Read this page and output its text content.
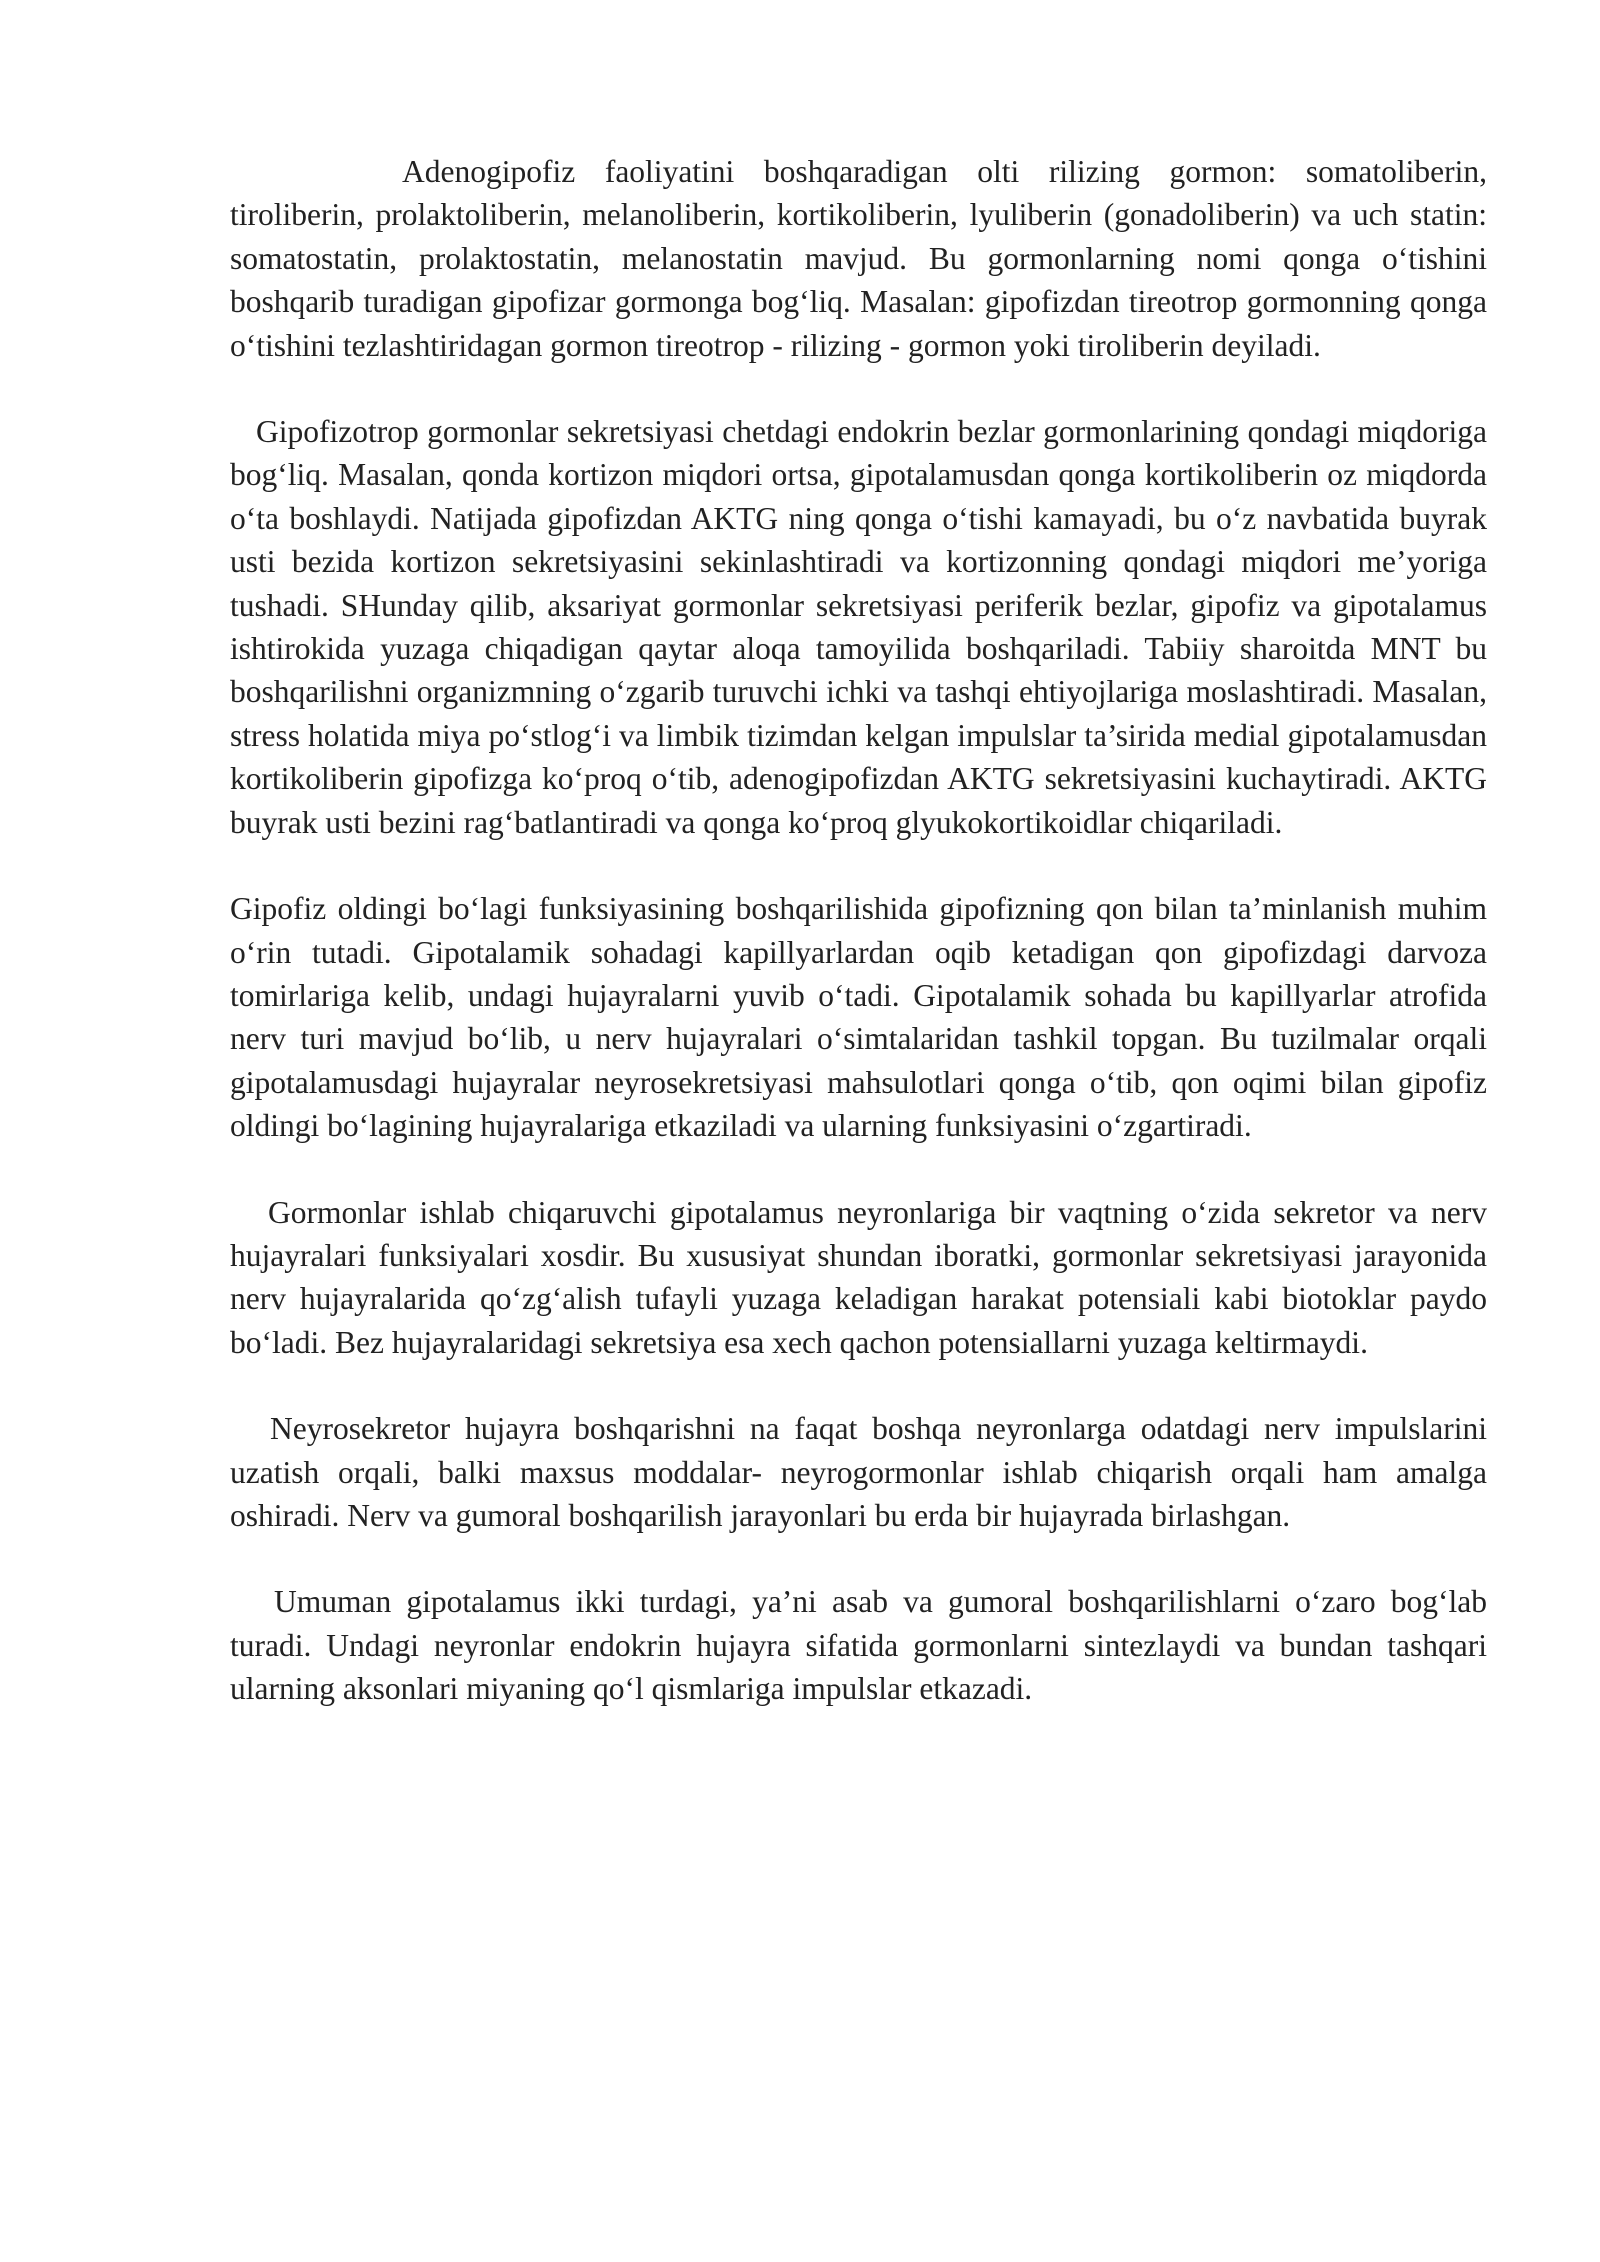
Adenogipofiz faoliyatini boshqaradigan olti rilizing gormon: somatoliberin, tiroliberin, prolaktoliberin, melanoliberin, kortikoliberin, lyuliberin (gonadoliberin) va uch statin: somatostatin, prolaktostatin, melanostatin mavjud. Bu gormonlarning nomi qonga o‘tishini boshqarib turadigan gipofizar gormonga bog‘liq. Masalan: gipofizdan tireotrop gormonning qonga o‘tishini tezlashtiridagan gormon tireotrop - rilizing - gormon yoki tiroliberin deyiladi.

Gipofizotrop gormonlar sekretsiyasi chetdagi endokrin bezlar gormonlarining qondagi miqdoriga bog‘liq. Masalan, qonda kortizon miqdori ortsa, gipotalamusdan qonga kortikoliberin oz miqdorda o‘ta boshlaydi. Natijada gipofizdan AKTG ning qonga o‘tishi kamayadi, bu o‘z navbatida buyrak usti bezida kortizon sekretsiyasini sekinlashtiradi va kortizonning qondagi miqdori me’yoriga tushadi. SHunday qilib, aksariyat gormonlar sekretsiyasi periferik bezlar, gipofiz va gipotalamus ishtirokida yuzaga chiqadigan qaytar aloqa tamoyilida boshqariladi. Tabiiy sharoitda MNT bu boshqarilishni organizmning o‘zgarib turuvchi ichki va tashqi ehtiyojlariga moslashtiradi. Masalan, stress holatida miya po‘stlog‘i va limbik tizimdan kelgan impulslar ta’sirida medial gipotalamusdan kortikoliberin gipofizga ko‘proq o‘tib, adenogipofizdan AKTG sekretsiyasini kuchaytiradi. AKTG buyrak usti bezini rag‘batlantiradi va qonga ko‘proq glyukokortikoidlar chiqariladi.

Gipofiz oldingi bo‘lagi funksiyasining boshqarilishida gipofizning qon bilan ta’minlanish muhim o‘rin tutadi. Gipotalamik sohadagi kapillyarlardan oqib ketadigan qon gipofizdagi darvoza tomirlariga kelib, undagi hujayralarni yuvib o‘tadi. Gipotalamik sohada bu kapillyarlar atrofida nerv turi mavjud bo‘lib, u nerv hujayralari o‘simtalaridan tashkil topgan. Bu tuzilmalar orqali gipotalamusdagi hujayralar neyrosekretsiyasi mahsulotlari qonga o‘tib, qon oqimi bilan gipofiz oldingi bo‘lagining hujayralariga etkaziladi va ularning funksiyasini o‘zgartiradi.

Gormonlar ishlab chiqaruvchi gipotalamus neyronlariga bir vaqtning o‘zida sekretor va nerv hujayralari funksiyalari xosdir. Bu xususiyat shundan iboratki, gormonlar sekretsiyasi jarayonida nerv hujayralarida qo‘zg‘alish tufayli yuzaga keladigan harakat potensiali kabi biotoklar paydo bo‘ladi. Bez hujayralaridagi sekretsiya esa xech qachon potensiallarni yuzaga keltirmaydi.

Neyrosekretor hujayra boshqarishni na faqat boshqa neyronlarga odatdagi nerv impulslarini uzatish orqali, balki maxsus moddalar- neyrogormonlar ishlab chiqarish orqali ham amalga oshiradi. Nerv va gumoral boshqarilish jarayonlari bu erda bir hujayrada birlashgan.

Umuman gipotalamus ikki turdagi, ya’ni asab va gumoral boshqarilishlarni o‘zaro bog‘lab turadi. Undagi neyronlar endokrin hujayra sifatida gormonlarni sintezlaydi va bundan tashqari ularning aksonlari miyaning qo‘l qismlariga impulslar etkazadi.
